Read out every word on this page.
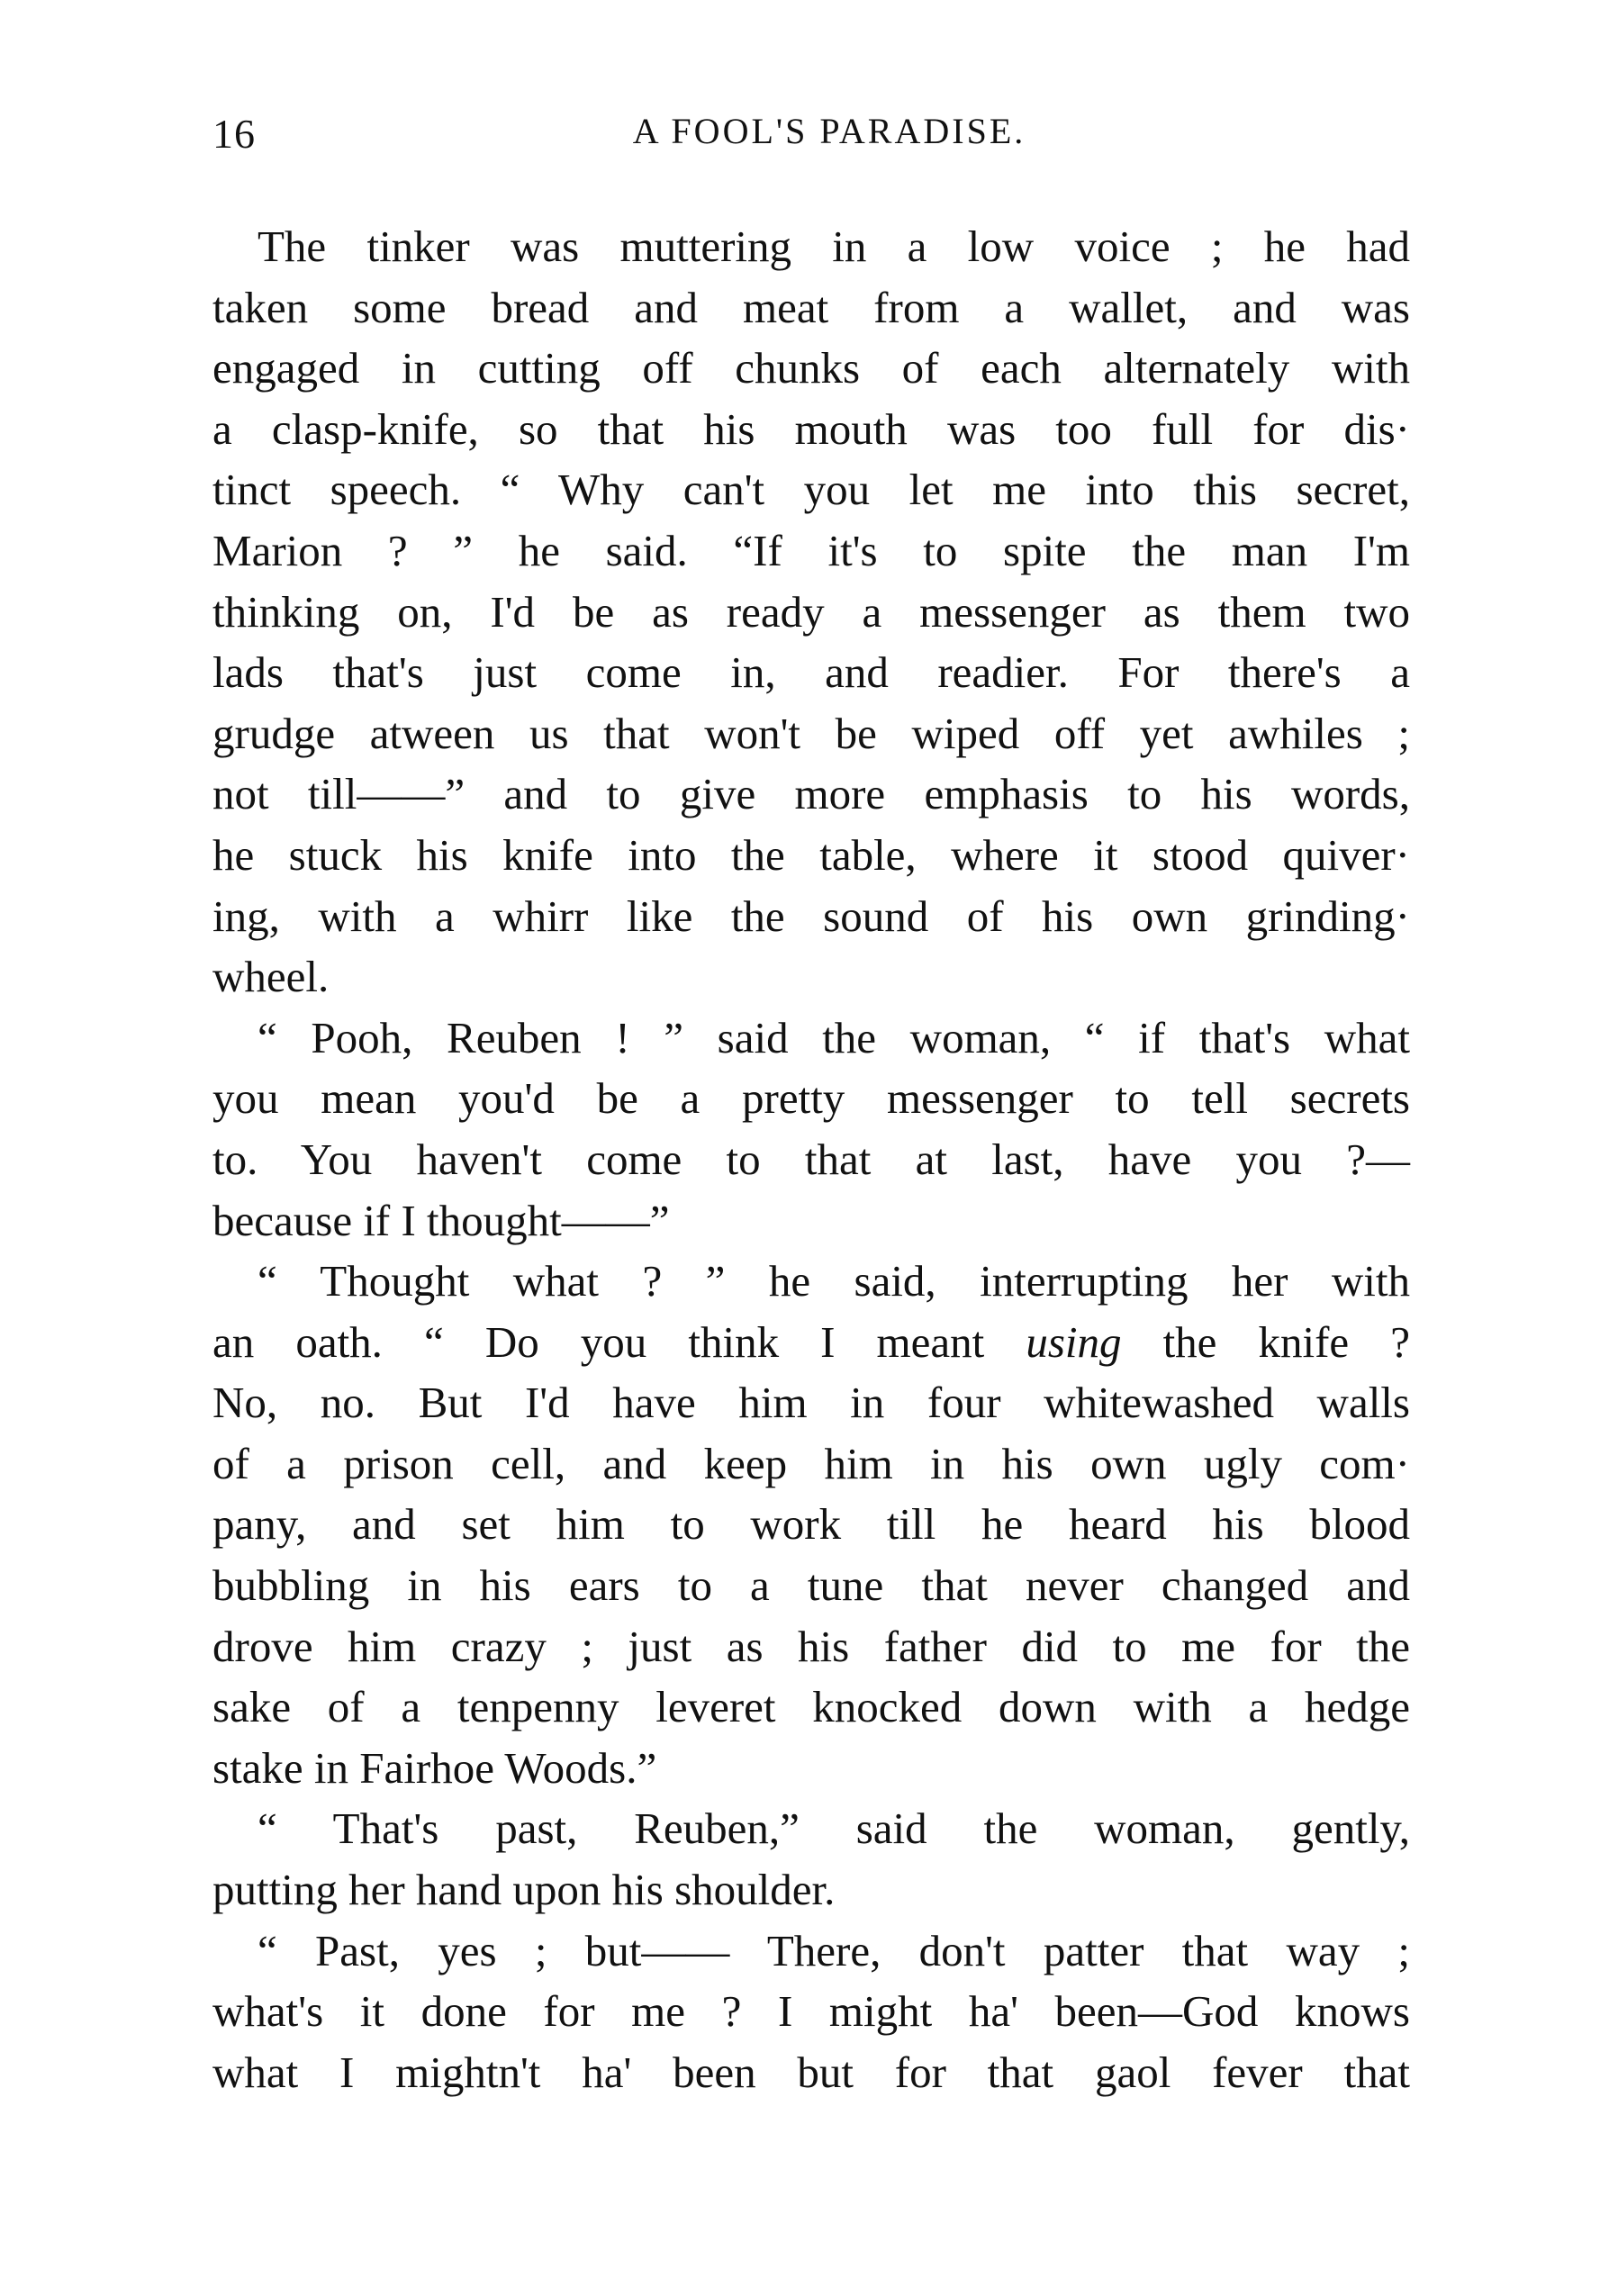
16	A FOOL'S PARADISE.
The tinker was muttering in a low voice ; he had
taken some bread and meat from a wallet, and was
engaged in cutting off chunks of each alternately with
a clasp-knife, so that his mouth was too full for dis·
tinct speech. “ Why can't you let me into this secret,
Marion ? ” he said. “If it's to spite the man I'm
thinking on, I'd be as ready a messenger as them two
lads that's just come in, and readier. For there's a
grudge atween us that won't be wiped off yet awhiles ;
not till——” and to give more emphasis to his words,
he stuck his knife into the table, where it stood quiver·
ing, with a whirr like the sound of his own grinding·
wheel.
“ Pooh, Reuben ! ” said the woman, “ if that's what
you mean you'd be a pretty messenger to tell secrets
to. You haven't come to that at last, have you ?—
because if I thought——”
“ Thought what ? ” he said, interrupting her with
an oath. “ Do you think I meant using the knife ?
No, no. But I'd have him in four whitewashed walls
of a prison cell, and keep him in his own ugly com·
pany, and set him to work till he heard his blood
bubbling in his ears to a tune that never changed and
drove him crazy ; just as his father did to me for the
sake of a tenpenny leveret knocked down with a hedge
stake in Fairhoe Woods.”
“ That's past, Reuben,” said the woman, gently,
putting her hand upon his shoulder.
“ Past, yes ; but—— There, don't patter that way ;
what's it done for me ? I might ha' been—God knows
what I mightn't ha' been but for that gaol fever that
